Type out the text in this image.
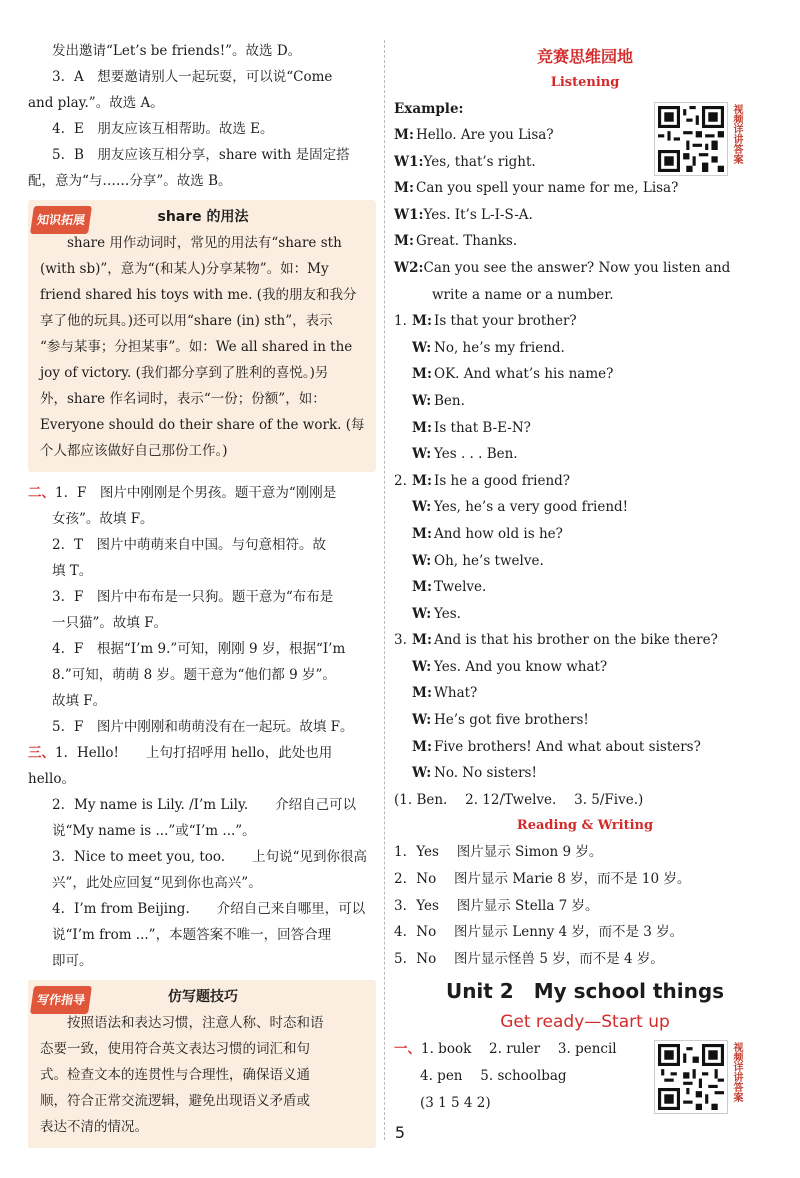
发出邀请“Let’s be friends!”。故选 D。
3. A　想要邀请别人一起玩耍，可以说“Come
and play.”。故选 A。
4. E　朋友应该互相帮助。故选 E。
5. B　朋友应该互相分享，share with 是固定搭
配，意为“与……分享”。故选 B。
知识拓展	share 的用法
share 用作动词时，常见的用法有“share sth
(with sb)”，意为“(和某人)分享某物”。如：My
friend shared his toys with me. (我的朋友和我分
享了他的玩具。)还可以用“share (in) sth”，表示
“参与某事；分担某事”。如：We all shared in the
joy of victory. (我们都分享到了胜利的喜悦。)另
外，share 作名词时，表示“一份；份额”，如：
Everyone should do their share of the work. (每
个人都应该做好自己那份工作。)
二、1. F　图片中刚刚是个男孩。题干意为“刚刚是
女孩”。故填 F。
2. T　图片中萌萌来自中国。与句意相符。故
填 T。
3. F　图片中布布是一只狗。题干意为“布布是
一只猫”。故填 F。
4. F　根据“I’m 9.”可知，刚刚 9 岁，根据“I’m
8.”可知，萌萌 8 岁。题干意为“他们都 9 岁”。
故填 F。
5. F　图片中刚刚和萌萌没有在一起玩。故填 F。
三、1. Hello!　　上句打招呼用 hello，此处也用 hello。
2. My name is Lily. /I’m Lily.　　介绍自己可以
说“My name is ...”或“I’m ...”。
3. Nice to meet you, too.　　上句说“见到你很高
兴”，此处应回复“见到你也高兴”。
4. I’m from Beijing.　　介绍自己来自哪里，可以
说“I’m from ...”，本题答案不唯一，回答合理
即可。
写作指导	仿写题技巧
按照语法和表达习惯，注意人称、时态和语
态要一致，使用符合英文表达习惯的词汇和句
式。检查文本的连贯性与合理性，确保语义通
顺，符合正常交流逻辑，避免出现语义矛盾或
表达不清的情况。
竞赛思维园地
Listening
Example:
M: Hello. Are you Lisa?
W1:Yes, that’s right.
M: Can you spell your name for me, Lisa?
W1:Yes. It’s L-I-S-A.
M: Great. Thanks.
W2:Can you see the answer? Now you listen and
write a name or a number.
1. M: Is that your brother?
W: No, he’s my friend.
M: OK. And what’s his name?
W: Ben.
M: Is that B-E-N?
W: Yes . . . Ben.
2. M: Is he a good friend?
W: Yes, he’s a very good friend!
M: And how old is he?
W: Oh, he’s twelve.
M: Twelve.
W: Yes.
3. M: And is that his brother on the bike there?
W: Yes. And you know what?
M: What?
W: He’s got five brothers!
M: Five brothers! And what about sisters?
W: No. No sisters!
(1. Ben.　 2. 12/Twelve.　 3. 5/Five.)
Reading & Writing
1. Yes　 图片显示 Simon 9 岁。
2. No　 图片显示 Marie 8 岁，而不是 10 岁。
3. Yes　 图片显示 Stella 7 岁。
4. No　 图片显示 Lenny 4 岁，而不是 3 岁。
5. No　 图片显示怪兽 5 岁，而不是 4 岁。
Unit 2　My school things
Get ready—Start up
一、1. book　 2. ruler　 3. pencil
4. pen　 5. schoolbag
(3 1 5 4 2)
视频详讲答案
视频详讲答案
5
